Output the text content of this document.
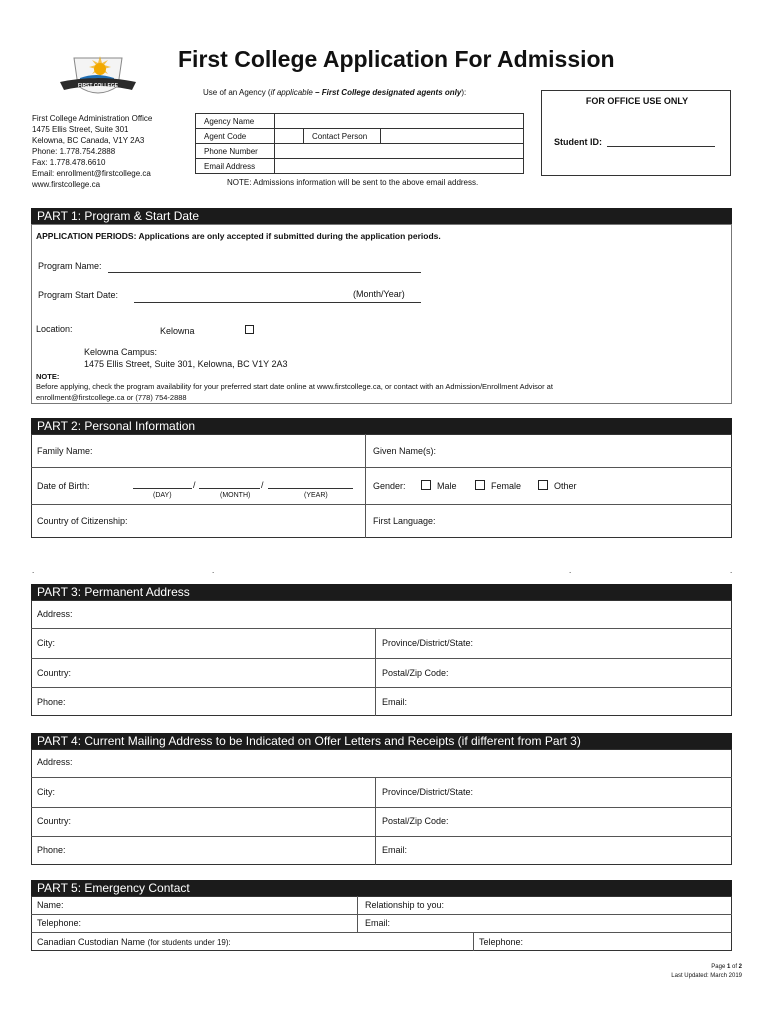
FIRST COLLEGE
First College Application For Admission
Use of an Agency (if applicable – First College designated agents only):
First College Administration Office
1475 Ellis Street, Suite 301
Kelowna, BC Canada, V1Y 2A3
Phone: 1.778.754.2888
Fax: 1.778.478.6610
Email: enrollment@firstcollege.ca
www.firstcollege.ca
Agency Name			
Agent Code		Contact Person	
Phone Number			
Email Address			
NOTE: Admissions information will be sent to the above email address.
FOR OFFICE USE ONLY
Student ID:
PART 1: Program & Start Date
APPLICATION PERIODS: Applications are only accepted if submitted during the application periods.
Program Name:
Program Start Date:	(Month/Year)
Location:	Kelowna
Kelowna Campus:
1475 Ellis Street, Suite 301, Kelowna, BC V1Y 2A3
NOTE:
Before applying, check the program availability for your preferred start date online at www.firstcollege.ca, or contact with an Admission/Enrollment Advisor at
enrollment@firstcollege.ca or (778) 754-2888
PART 2: Personal Information
Family Name:	Given Name(s):
Date of Birth:	/	/
(DAY)	(MONTH)	(YEAR)
Gender:	Male	Female	Other
Country of Citizenship:	First Language:
.	.	.	.
PART 3: Permanent Address
Address:
City:	Province/District/State:
Country:	Postal/Zip Code:
Phone:	Email:
PART 4: Current Mailing Address to be Indicated on Offer Letters and Receipts (if different from Part 3)
Address:
City:	Province/District/State:
Country:	Postal/Zip Code:
Phone:	Email:
PART 5: Emergency Contact
Name:	Relationship to you:
Telephone:	Email:
Canadian Custodian Name (for students under 19):	Telephone:
Page 1 of 2
Last Updated: March 2019
